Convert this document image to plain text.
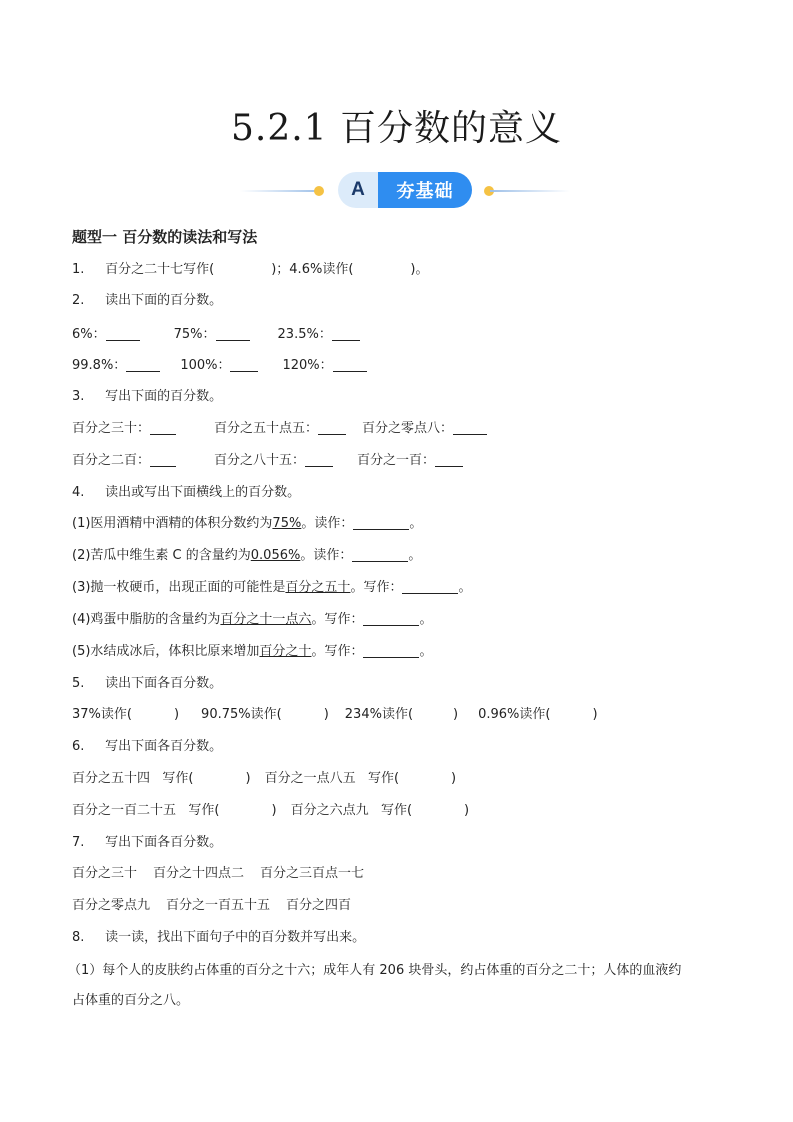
5.2.1 百分数的意义
A	夯基础
题型一 百分数的读法和写法
1. 百分之二十七写作(	)；4.6%读作(	)。
2. 读出下面的百分数。
6%：	75%：	23.5%：
99.8%：	100%：	120%：
3. 写出下面的百分数。
百分之三十：	百分之五十点五：	百分之零点八：
百分之二百：	百分之八十五：	百分之一百：
4. 读出或写出下面横线上的百分数。
(1)医用酒精中酒精的体积分数约为75%。读作：	。
(2)苦瓜中维生素 C 的含量约为0.056%。读作：	。
(3)抛一枚硬币，出现正面的可能性是百分之五十。写作：	。
(4)鸡蛋中脂肪的含量约为百分之十一点六。写作：	。
(5)水结成冰后，体积比原来增加百分之十。写作：	。
5. 读出下面各百分数。
37%读作(	) 90.75%读作(	) 234%读作(	) 0.96%读作(	)
6. 写出下面各百分数。
百分之五十四   写作(	) 百分之一点八五   写作(	)
百分之一百二十五   写作(	) 百分之六点九   写作(	)
7. 写出下面各百分数。
百分之三十 百分之十四点二 百分之三百点一七
百分之零点九 百分之一百五十五 百分之四百
8. 读一读，找出下面句子中的百分数并写出来。
（1）每个人的皮肤约占体重的百分之十六；成年人有 206 块骨头，约占体重的百分之二十；人体的血液约
占体重的百分之八。
